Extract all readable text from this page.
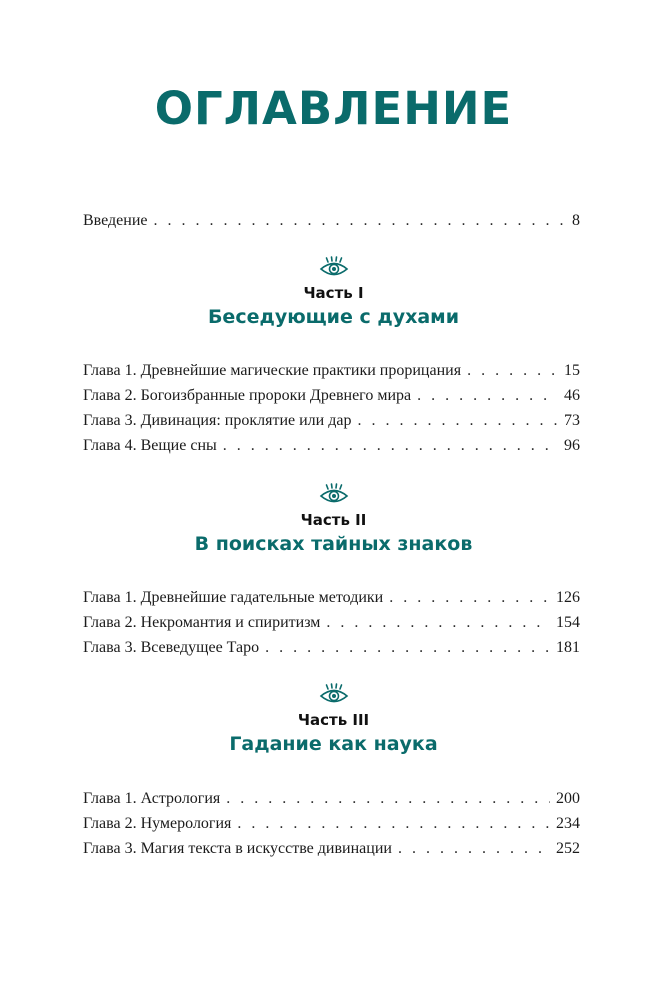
ОГЛАВЛЕНИЕ
Введение . . .	8
Часть I
Беседующие с духами
Глава 1. Древнейшие магические практики прорицания . . .	15
Глава 2. Богоизбранные пророки Древнего мира . . .	46
Глава 3. Дивинация: проклятие или дар . . .	73
Глава 4. Вещие сны . . .	96
Часть II
В поисках тайных знаков
Глава 1. Древнейшие гадательные методики . . .	126
Глава 2. Некромантия и спиритизм . . .	154
Глава 3. Всеведущее Таро . . .	181
Часть III
Гадание как наука
Глава 1. Астрология . . .	200
Глава 2. Нумерология . . .	234
Глава 3. Магия текста в искусстве дивинации . . .	252
